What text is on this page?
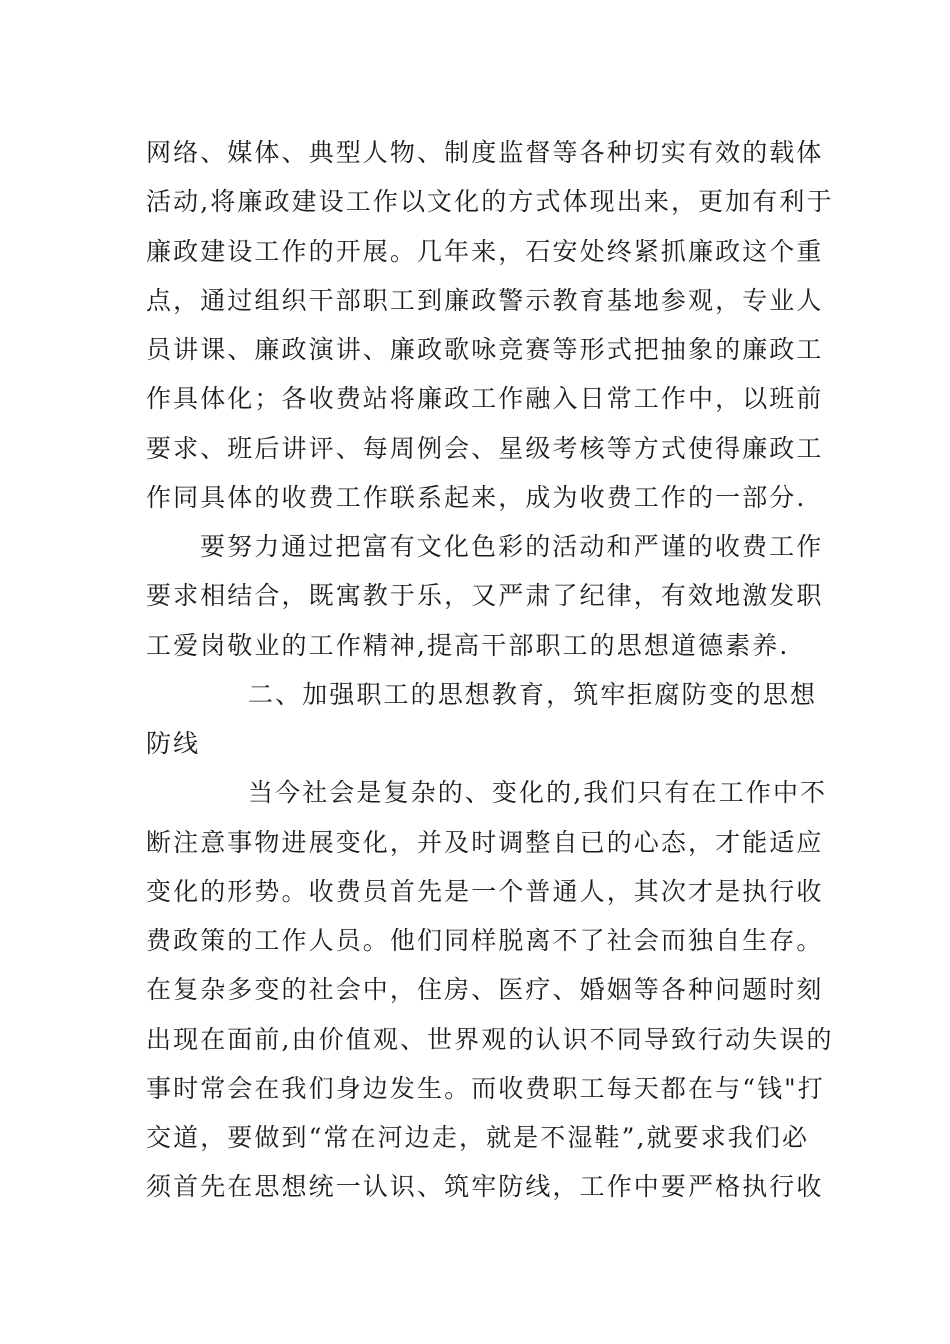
网络、媒体、典型人物、制度监督等各种切实有效的载体
活动,将廉政建设工作以文化的方式体现出来，更加有利于
廉政建设工作的开展。几年来，石安处终紧抓廉政这个重
点，通过组织干部职工到廉政警示教育基地参观，专业人
员讲课、廉政演讲、廉政歌咏竞赛等形式把抽象的廉政工
作具体化；各收费站将廉政工作融入日常工作中，以班前
要求、班后讲评、每周例会、星级考核等方式使得廉政工
作同具体的收费工作联系起来，成为收费工作的一部分.
要努力通过把富有文化色彩的活动和严谨的收费工作
要求相结合，既寓教于乐，又严肃了纪律，有效地激发职
工爱岗敬业的工作精神,提高干部职工的思想道德素养.
二、加强职工的思想教育，筑牢拒腐防变的思想
防线
当今社会是复杂的、变化的,我们只有在工作中不
断注意事物进展变化，并及时调整自已的心态，才能适应
变化的形势。收费员首先是一个普通人，其次才是执行收
费政策的工作人员。他们同样脱离不了社会而独自生存。
在复杂多变的社会中，住房、医疗、婚姻等各种问题时刻
出现在面前,由价值观、世界观的认识不同导致行动失误的
事时常会在我们身边发生。而收费职工每天都在与“钱"打
交道，要做到“常在河边走，就是不湿鞋”,就要求我们必
须首先在思想统一认识、筑牢防线，工作中要严格执行收
